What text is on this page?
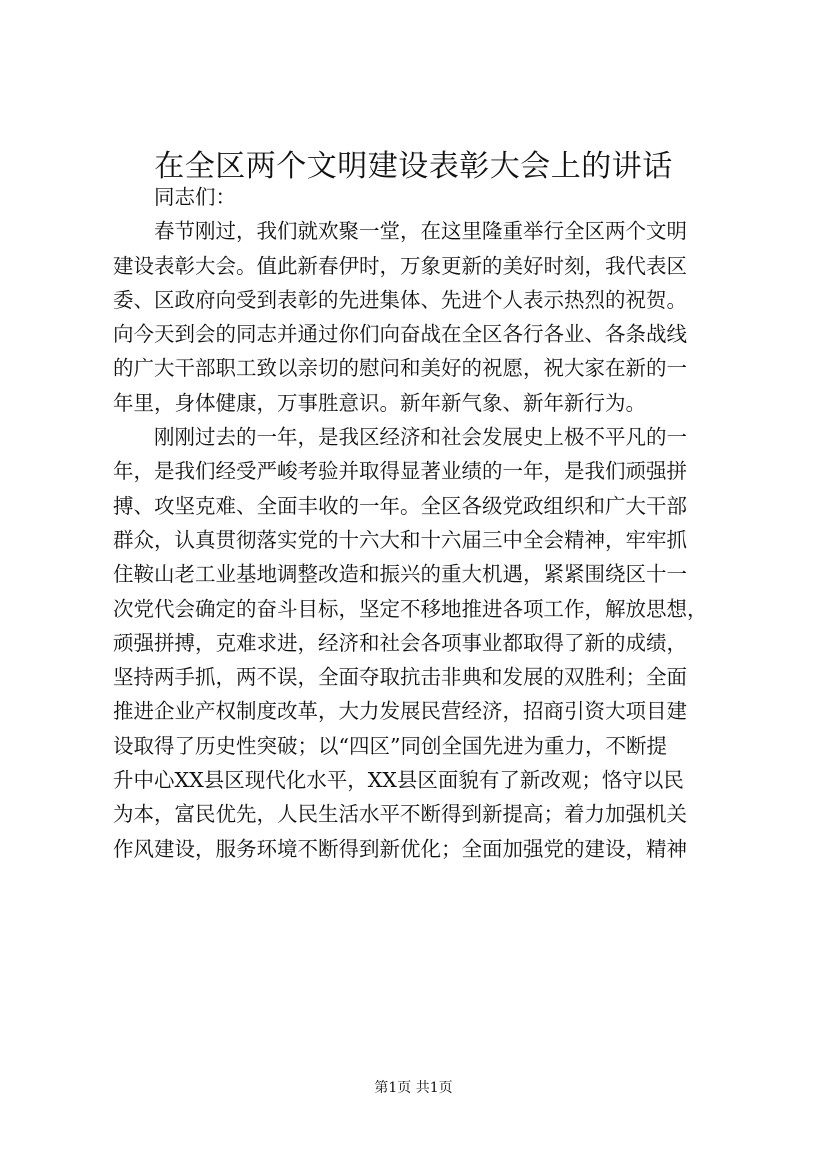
在全区两个文明建设表彰大会上的讲话
同志们：
春节刚过，我们就欢聚一堂，在这里隆重举行全区两个文明
建设表彰大会。值此新春伊时，万象更新的美好时刻，我代表区
委、区政府向受到表彰的先进集体、先进个人表示热烈的祝贺。
向今天到会的同志并通过你们向奋战在全区各行各业、各条战线
的广大干部职工致以亲切的慰问和美好的祝愿，祝大家在新的一
年里，身体健康，万事胜意识。新年新气象、新年新行为。
刚刚过去的一年，是我区经济和社会发展史上极不平凡的一
年，是我们经受严峻考验并取得显著业绩的一年，是我们顽强拼
搏、攻坚克难、全面丰收的一年。全区各级党政组织和广大干部
群众，认真贯彻落实党的十六大和十六届三中全会精神，牢牢抓
住鞍山老工业基地调整改造和振兴的重大机遇，紧紧围绕区十一
次党代会确定的奋斗目标，坚定不移地推进各项工作，解放思想，
顽强拼搏，克难求进，经济和社会各项事业都取得了新的成绩，
坚持两手抓，两不误，全面夺取抗击非典和发展的双胜利；全面
推进企业产权制度改革，大力发展民营经济，招商引资大项目建
设取得了历史性突破；以“四区”同创全国先进为重力，不断提
升中心XX县区现代化水平，XX县区面貌有了新改观；恪守以民
为本，富民优先，人民生活水平不断得到新提高；着力加强机关
作风建设，服务环境不断得到新优化；全面加强党的建设，精神
第1页 共1页
